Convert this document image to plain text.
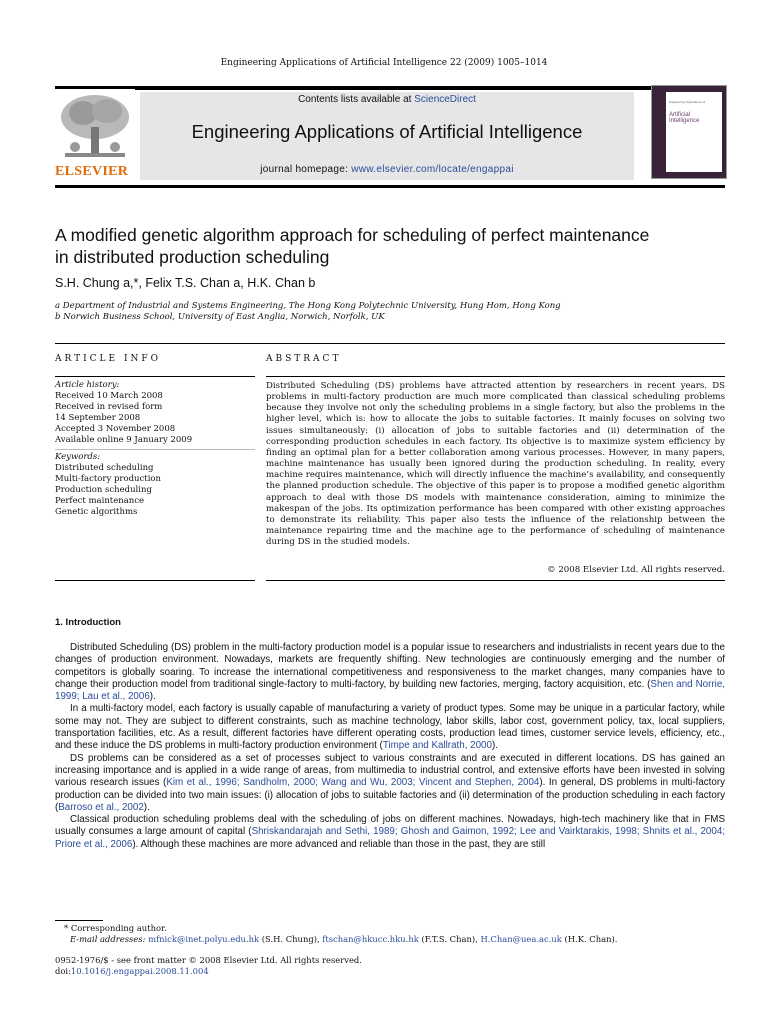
Engineering Applications of Artificial Intelligence 22 (2009) 1005–1014
ELSEVIER
Contents lists available at ScienceDirect
Engineering Applications of Artificial Intelligence
journal homepage: www.elsevier.com/locate/engappai
Engineering Applications of
Artificial
Intelligence
A modified genetic algorithm approach for scheduling of perfect maintenance
in distributed production scheduling
S.H. Chung a,*, Felix T.S. Chan a, H.K. Chan b
a Department of Industrial and Systems Engineering, The Hong Kong Polytechnic University, Hung Hom, Hong Kong
b Norwich Business School, University of East Anglia, Norwich, Norfolk, UK
ARTICLE INFO
Article history:
Received 10 March 2008
Received in revised form
14 September 2008
Accepted 3 November 2008
Available online 9 January 2009
Keywords:
Distributed scheduling
Multi-factory production
Production scheduling
Perfect maintenance
Genetic algorithms
ABSTRACT
Distributed Scheduling (DS) problems have attracted attention by researchers in recent years. DS problems in multi-factory production are much more complicated than classical scheduling problems because they involve not only the scheduling problems in a single factory, but also the problems in the higher level, which is: how to allocate the jobs to suitable factories. It mainly focuses on solving two issues simultaneously: (i) allocation of jobs to suitable factories and (ii) determination of the corresponding production schedules in each factory. Its objective is to maximize system efficiency by finding an optimal plan for a better collaboration among various processes. However, in many papers, machine maintenance has usually been ignored during the production scheduling. In reality, every machine requires maintenance, which will directly influence the machine’s availability, and consequently the planned production schedule. The objective of this paper is to propose a modified genetic algorithm approach to deal with those DS models with maintenance consideration, aiming to minimize the makespan of the jobs. Its optimization performance has been compared with other existing approaches to demonstrate its reliability. This paper also tests the influence of the relationship between the maintenance repairing time and the machine age to the performance of scheduling of maintenance during DS in the studied models.
© 2008 Elsevier Ltd. All rights reserved.
1. Introduction

Distributed Scheduling (DS) problem in the multi-factory production model is a popular issue to researchers and industrialists in recent years due to the changes of production environment. Nowadays, markets are frequently shifting. New technologies are continuously emerging and the number of competitors is globally soaring. To increase the international competitiveness and responsiveness to the market changes, many companies have to change their production model from traditional single-factory to multi-factory, by building new factories, merging, factory acquisition, etc. (Shen and Norrie, 1999; Lau et al., 2006).

In a multi-factory model, each factory is usually capable of manufacturing a variety of product types. Some may be unique in a particular factory, while some may not. They are subject to different constraints, such as machine technology, labor skills, labor cost, government policy, tax, local suppliers, transportation facilities, etc. As a result, different factories have different operating costs, production lead times, customer service levels, efficiency, etc., and these induce the DS problems in multi-factory production environment (Timpe and Kallrath, 2000).

DS problems can be considered as a set of processes subject to various constraints and are executed in different locations. DS has gained an increasing importance and is applied in a wide range of areas, from multimedia to industrial control, and extensive efforts have been invested in solving various research issues (Kim et al., 1996; Sandholm, 2000; Wang and Wu, 2003; Vincent and Stephen, 2004). In general, DS problems in multi-factory production can be divided into two main issues: (i) allocation of jobs to suitable factories and (ii) determination of the production scheduling in each factory (Barroso et al., 2002).

Classical production scheduling problems deal with the scheduling of jobs on different machines. Nowadays, high-tech machinery like that in FMS usually consumes a large amount of capital (Shriskandarajah and Sethi, 1989; Ghosh and Gaimon, 1992; Lee and Vairktarakis, 1998; Shnits et al., 2004; Priore et al., 2006). Although these machines are more advanced and reliable than those in the past, they are still

* Corresponding author.
E-mail addresses: mfnick@inet.polyu.edu.hk (S.H. Chung), ftschan@hkucc.hku.hk (F.T.S. Chan), H.Chan@uea.ac.uk (H.K. Chan).
0952-1976/$ - see front matter © 2008 Elsevier Ltd. All rights reserved.
doi:10.1016/j.engappai.2008.11.004
